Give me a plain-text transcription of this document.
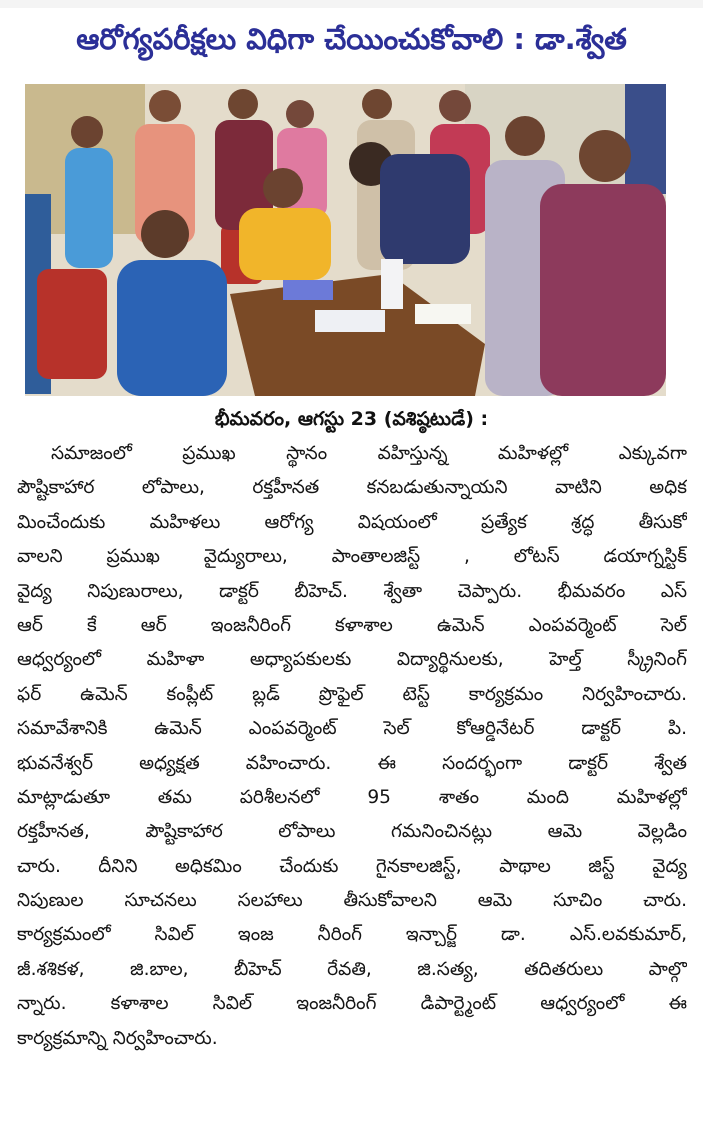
ఆరోగ్యపరీక్షలు విధిగా చేయించుకోవాలి : డా.శ్వేత
భీమవరం, ఆగస్టు 23 (వశిష్ఠటుడే) :
సమాజంలో ప్రముఖ స్థానం వహిస్తున్న మహిళల్లో ఎక్కువగా
పౌష్టికాహార లోపాలు, రక్తహీనత కనబడుతున్నాయని వాటిని అధిక
మించేందుకు మహిళలు ఆరోగ్య విషయంలో ప్రత్యేక శ్రద్ధ తీసుకో
వాలని ప్రముఖ వైద్యురాలు, పాంతాలజిస్ట్ , లోటస్ డయాగ్నస్టిక్
వైద్య నిపుణురాలు, డాక్టర్ బీహెచ్. శ్వేతా చెప్పారు. భీమవరం ఎస్
ఆర్ కే ఆర్ ఇంజనీరింగ్ కళాశాల ఉమెన్ ఎంపవర్మెంట్ సెల్
ఆధ్వర్యంలో మహిళా అధ్యాపకులకు విద్యార్థినులకు, హెల్త్ స్క్రీనింగ్
ఫర్ ఉమెన్ కంప్లీట్ బ్లడ్ ప్రొఫైల్ టెస్ట్ కార్యక్రమం నిర్వహించారు.
సమావేశానికి ఉమెన్ ఎంపవర్మెంట్ సెల్ కోఆర్డినేటర్ డాక్టర్ పి.
భువనేశ్వర్ అధ్యక్షత వహించారు. ఈ సందర్భంగా డాక్టర్ శ్వేత
మాట్లాడుతూ తమ పరిశీలనలో 95 శాతం మంది మహిళల్లో
రక్తహీనత, పౌష్టికాహార లోపాలు గమనించినట్లు ఆమె వెల్లడిం
చారు. దీనిని అధికమిం చేందుకు గైనకాలజిస్ట్, పాథాల జిస్ట్ వైద్య
నిపుణుల సూచనలు సలహాలు తీసుకోవాలని ఆమె సూచిం చారు.
కార్యక్రమంలో సివిల్ ఇంజ నీరింగ్ ఇన్చార్జ్ డా. ఎస్.లవకుమార్,
జీ.శశికళ, జి.బాల, బీహెచ్ రేవతి, జి.సత్య, తదితరులు పాల్గొ
న్నారు. కళాశాల సివిల్ ఇంజనీరింగ్ డిపార్ట్మెంట్ ఆధ్వర్యంలో ఈ
కార్యక్రమాన్ని నిర్వహించారు.
